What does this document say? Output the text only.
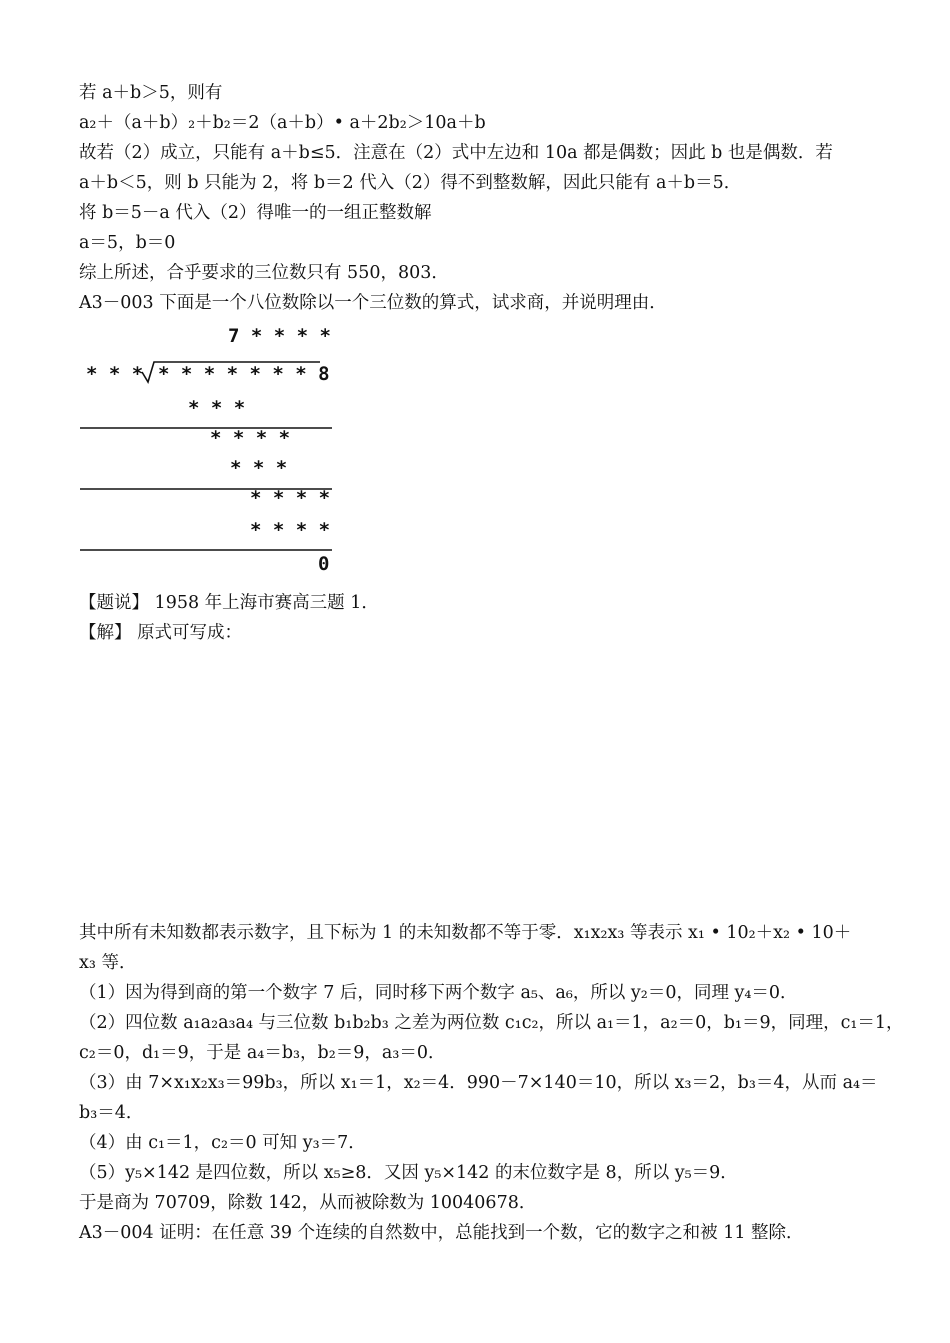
若 a＋b＞5，则有
a₂＋（a＋b）₂＋b₂＝2（a＋b）• a＋2b₂＞10a＋b
故若（2）成立，只能有 a＋b≤5．注意在（2）式中左边和 10a 都是偶数；因此 b 也是偶数．若
a＋b＜5，则 b 只能为 2，将 b＝2 代入（2）得不到整数解，因此只能有 a＋b＝5．
将 b＝5－a 代入（2）得唯一的一组正整数解
a＝5，b＝0
综上所述，合乎要求的三位数只有 550，803．
A3－003 下面是一个八位数除以一个三位数的算式，试求商，并说明理由．
7 * * * *
* * * * * * * * * * 8
* * *
* * * *
* * *
* * * *
* * * *
0
【题说】 1958 年上海市赛高三题 1．
【解】 原式可写成：
其中所有未知数都表示数字，且下标为 1 的未知数都不等于零．x₁x₂x₃ 等表示 x₁ • 10₂＋x₂ • 10＋
x₃ 等．
（1）因为得到商的第一个数字 7 后，同时移下两个数字 a₅、a₆，所以 y₂＝0，同理 y₄＝0．
（2）四位数 a₁a₂a₃a₄ 与三位数 b₁b₂b₃ 之差为两位数 c₁c₂，所以 a₁＝1，a₂＝0，b₁＝9，同理，c₁＝1，
c₂＝0，d₁＝9，于是 a₄＝b₃，b₂＝9，a₃＝0．
（3）由 7×x₁x₂x₃＝99b₃，所以 x₁＝1，x₂＝4．990－7×140＝10，所以 x₃＝2，b₃＝4，从而 a₄＝
b₃＝4．
（4）由 c₁＝1，c₂＝0 可知 y₃＝7．
（5）y₅×142 是四位数，所以 x₅≥8．又因 y₅×142 的末位数字是 8，所以 y₅＝9．
于是商为 70709，除数 142，从而被除数为 10040678．
A3－004 证明：在任意 39 个连续的自然数中，总能找到一个数，它的数字之和被 11 整除．
